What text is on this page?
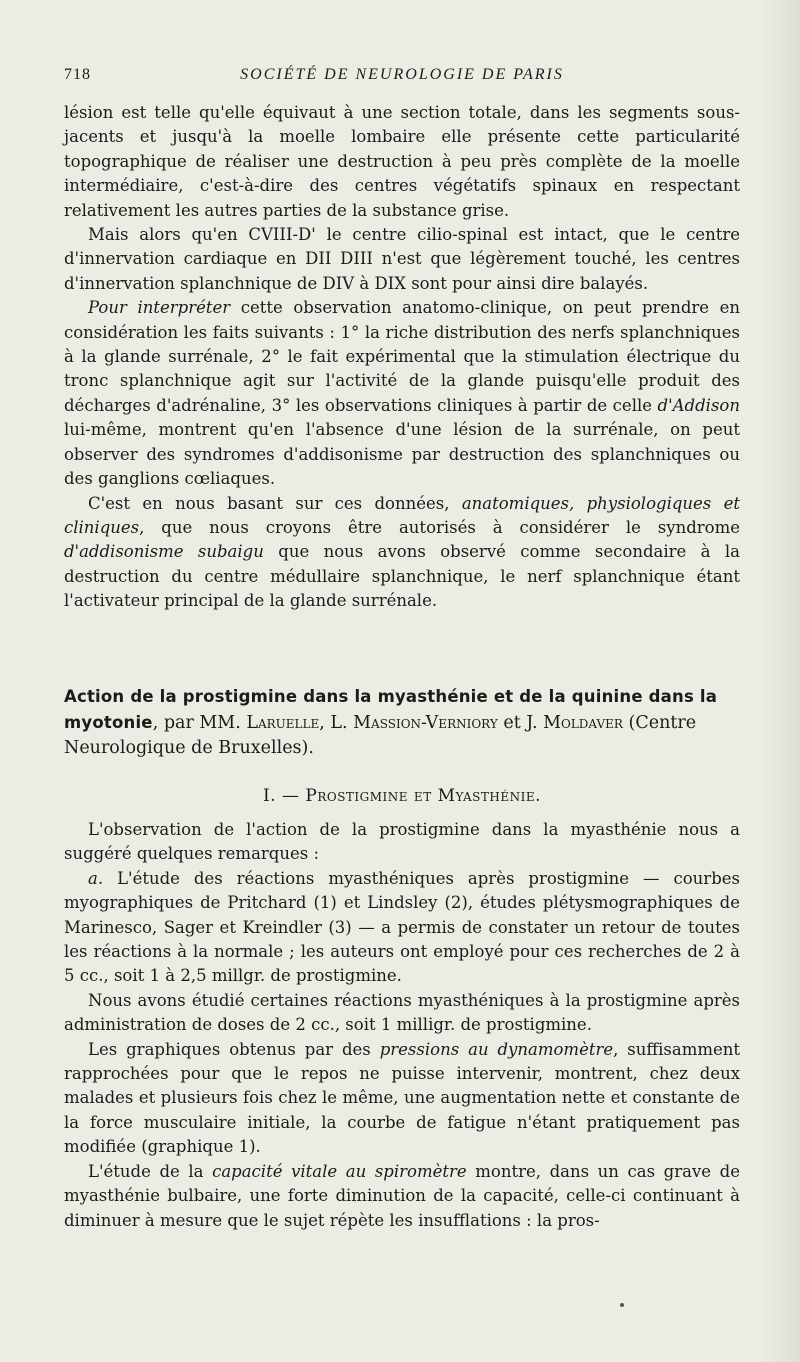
718	SOCIÉTÉ DE NEUROLOGIE DE PARIS

lésion est telle qu'elle équivaut à une section totale, dans les segments sous-jacents et jusqu'à la moelle lombaire elle présente cette particularité topographique de réaliser une destruction à peu près complète de la moelle intermédiaire, c'est-à-dire des centres végétatifs spinaux en respectant relativement les autres parties de la substance grise.

Mais alors qu'en CVIII-D' le centre cilio-spinal est intact, que le centre d'innervation cardiaque en DII DIII n'est que légèrement touché, les centres d'innervation splanchnique de DIV à DIX sont pour ainsi dire balayés.

Pour interpréter cette observation anatomo-clinique, on peut prendre en considération les faits suivants : 1° la riche distribution des nerfs splanchniques à la glande surrénale, 2° le fait expérimental que la stimulation électrique du tronc splanchnique agit sur l'activité de la glande puisqu'elle produit des décharges d'adrénaline, 3° les observations cliniques à partir de celle d'Addison lui-même, montrent qu'en l'absence d'une lésion de la surrénale, on peut observer des syndromes d'addisonisme par destruction des splanchniques ou des ganglions cœliaques.

C'est en nous basant sur ces données, anatomiques, physiologiques et cliniques, que nous croyons être autorisés à considérer le syndrome d'addisonisme subaigu que nous avons observé comme secondaire à la destruction du centre médullaire splanchnique, le nerf splanchnique étant l'activateur principal de la glande surrénale.

Action de la prostigmine dans la myasthénie et de la quinine dans la myotonie, par MM. Laruelle, L. Massion-Verniory et J. Moldaver (Centre Neurologique de Bruxelles).

I. — Prostigmine et Myasthénie.

L'observation de l'action de la prostigmine dans la myasthénie nous a suggéré quelques remarques :

a. L'étude des réactions myasthéniques après prostigmine — courbes myographiques de Pritchard (1) et Lindsley (2), études plétysmographiques de Marinesco, Sager et Kreindler (3) — a permis de constater un retour de toutes les réactions à la normale ; les auteurs ont employé pour ces recherches de 2 à 5 cc., soit 1 à 2,5 millgr. de prostigmine.

Nous avons étudié certaines réactions myasthéniques à la prostigmine après administration de doses de 2 cc., soit 1 milligr. de prostigmine.

Les graphiques obtenus par des pressions au dynamomètre, suffisamment rapprochées pour que le repos ne puisse intervenir, montrent, chez deux malades et plusieurs fois chez le même, une augmentation nette et constante de la force musculaire initiale, la courbe de fatigue n'étant pratiquement pas modifiée (graphique 1).

L'étude de la capacité vitale au spiromètre montre, dans un cas grave de myasthénie bulbaire, une forte diminution de la capacité, celle-ci continuant à diminuer à mesure que le sujet répète les insufflations : la pros-
